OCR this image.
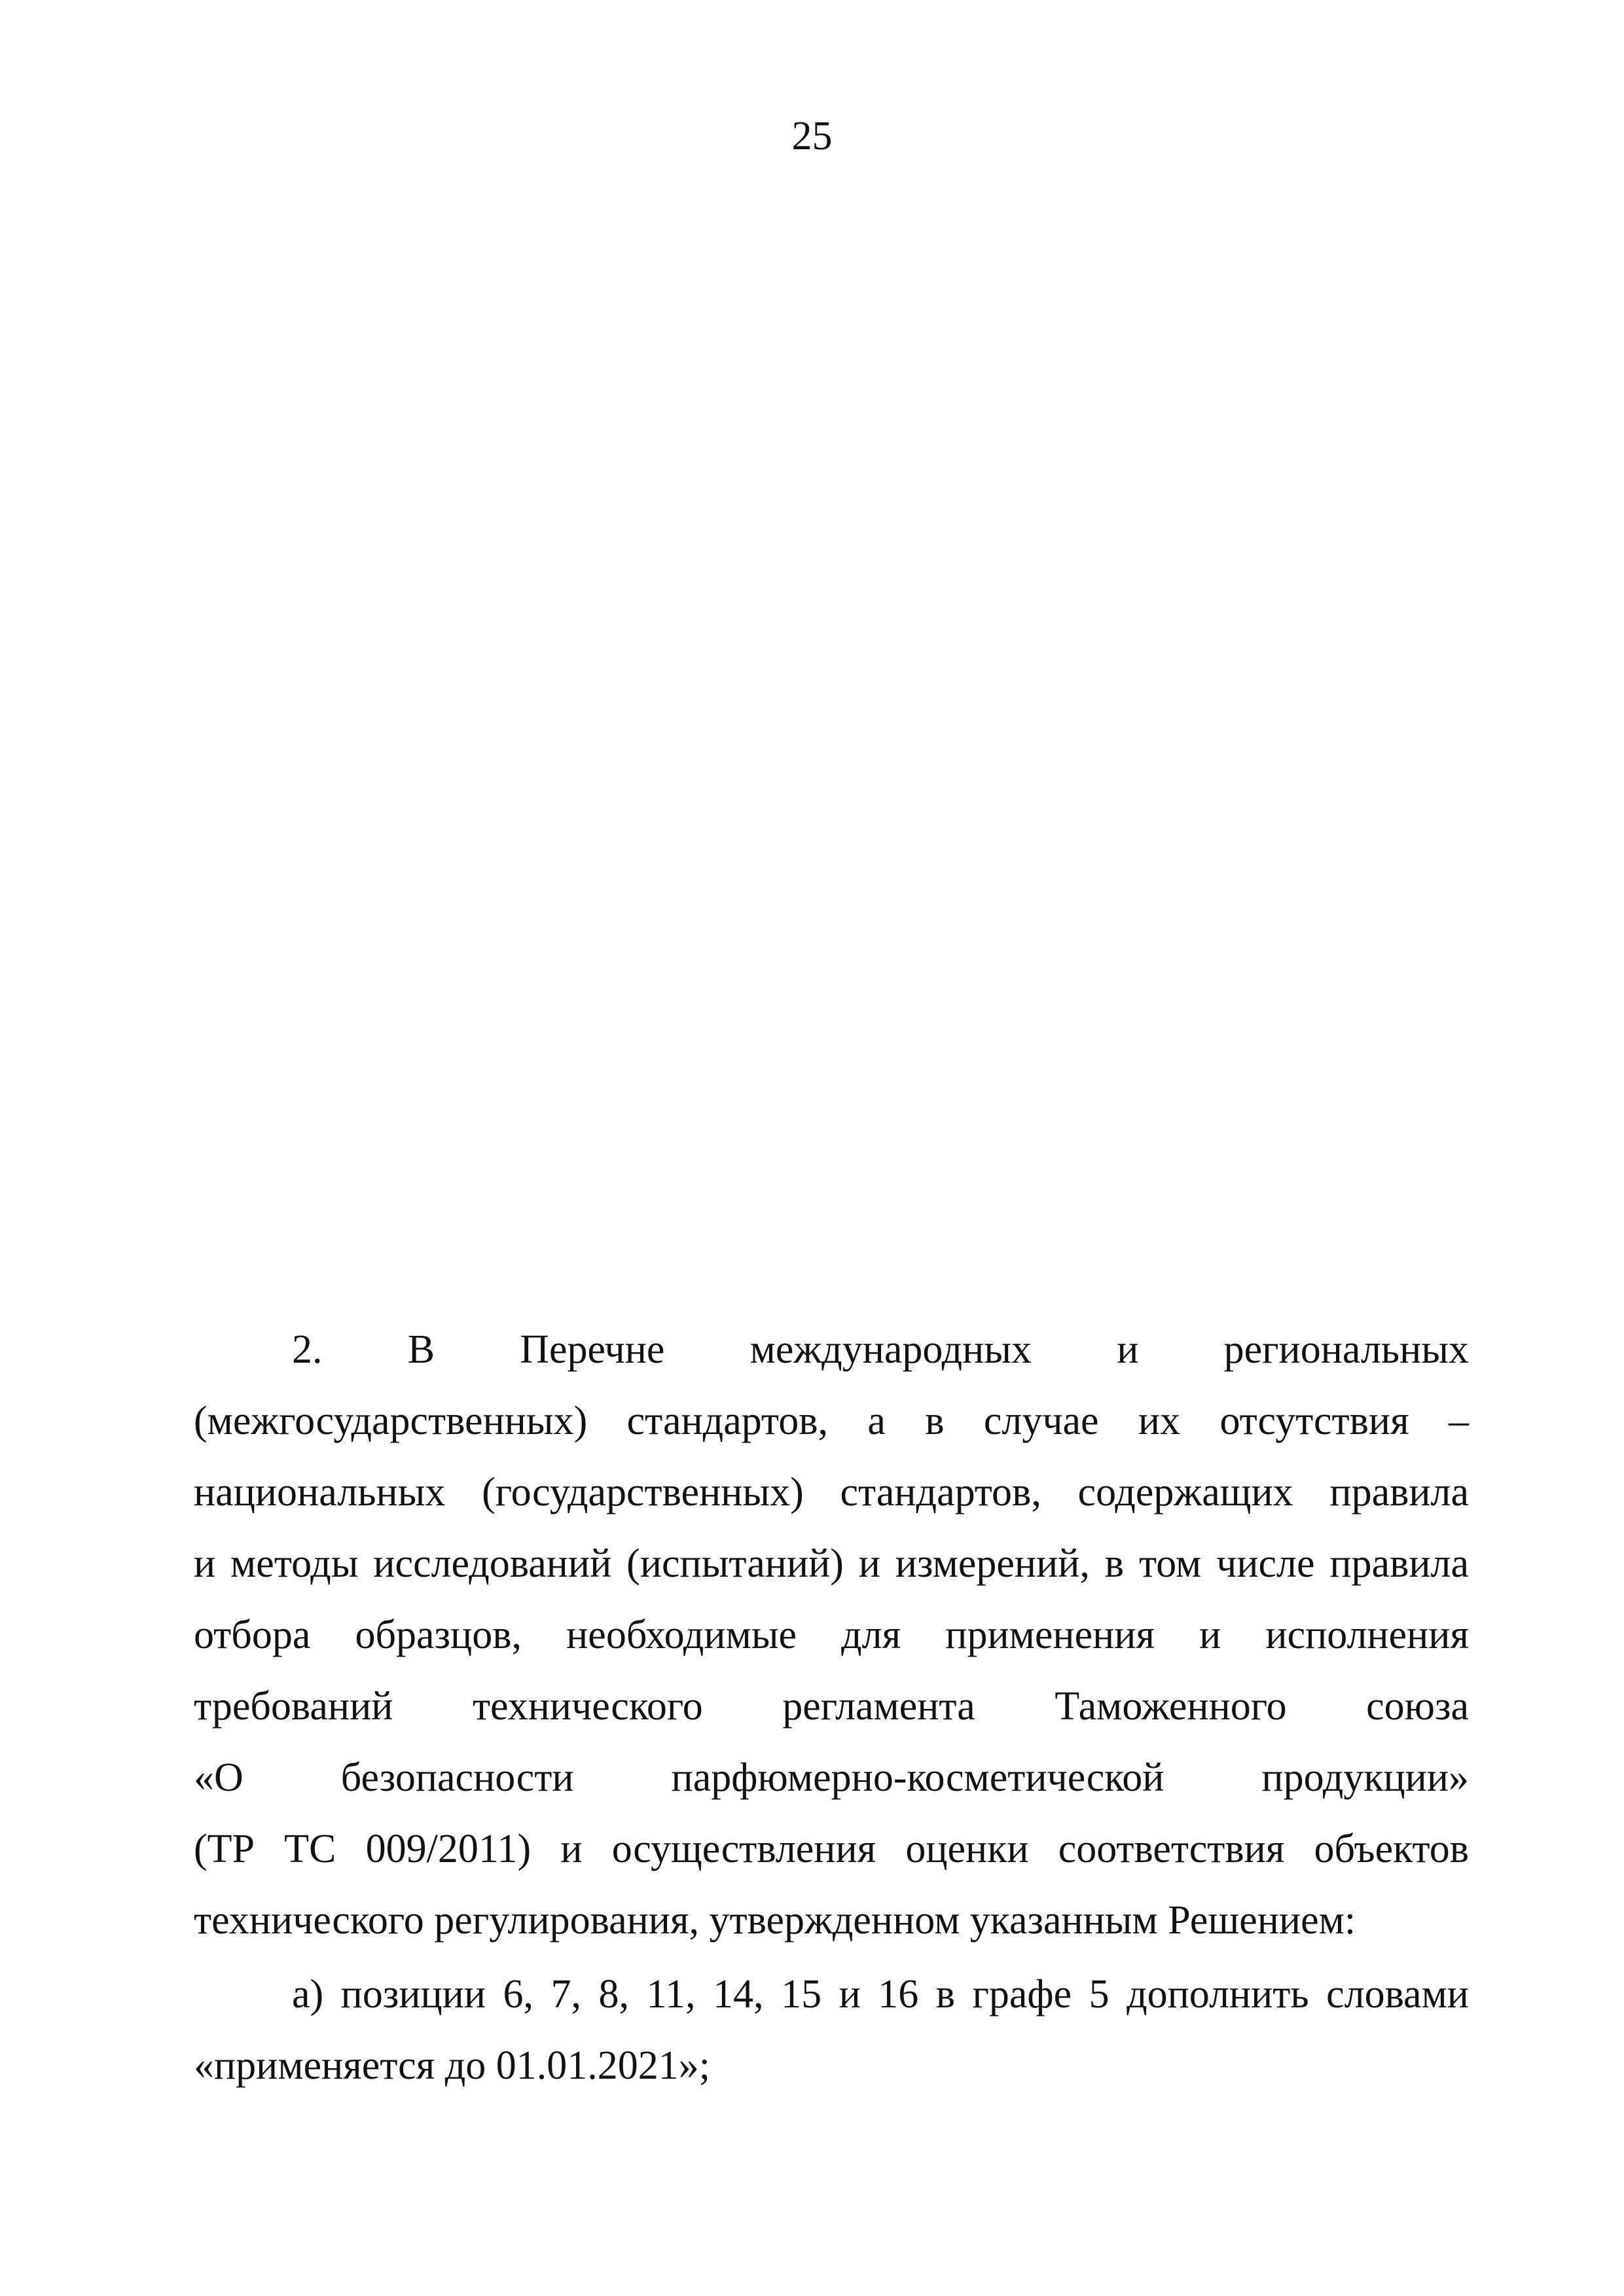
25
2. В Перечне международных и региональных
(межгосударственных) стандартов, а в случае их отсутствия –
национальных (государственных) стандартов, содержащих правила
и методы исследований (испытаний) и измерений, в том числе правила
отбора образцов, необходимые для применения и исполнения
требований технического регламента Таможенного союза
«О безопасности парфюмерно-косметической продукции»
(ТР ТС 009/2011) и осуществления оценки соответствия объектов
технического регулирования, утвержденном указанным Решением:
а) позиции 6, 7, 8, 11, 14, 15 и 16 в графе 5 дополнить словами
«применяется до 01.01.2021»;
